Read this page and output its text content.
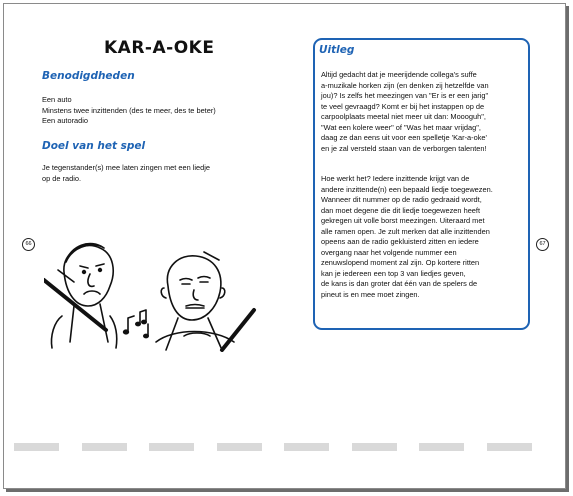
KAR-A-OKE
Benodigdheden
Een auto
Minstens twee inzittenden (des te meer, des te beter)
Een autoradio
Doel van het spel
Je tegenstander(s) mee laten zingen met een liedje
op de radio.
66	67
Uitleg
Altijd gedacht dat je meerijdende collega's suffe
a-muzikale horken zijn (en denken zij hetzelfde van
jou)? Is zelfs het meezingen van "Er is er een jarig"
te veel gevraagd? Komt er bij het instappen op de
carpoolplaats meetal niet meer uit dan: Moooguh",
"Wat een kolere weer" of "Was het maar vrijdag",
daag ze dan eens uit voor een spelletje 'Kar-a-oke'
en je zal versteld staan van de verborgen talenten!
Hoe werkt het? Iedere inzittende krijgt van de
andere inzittende(n) een bepaald liedje toegewezen.
Wanneer dit nummer op de radio gedraaid wordt,
dan moet degene die dit liedje toegewezen heeft
gekregen uit volle borst meezingen. Uiteraard met
alle ramen open. Je zult merken dat alle inzittenden
opeens aan de radio gekluisterd zitten en iedere
overgang naar het volgende nummer een
zenuwslopend moment zal zijn. Op kortere ritten
kan je iedereen een top 3 van liedjes geven,
de kans is dan groter dat één van de spelers de
pineut is en mee moet zingen.
